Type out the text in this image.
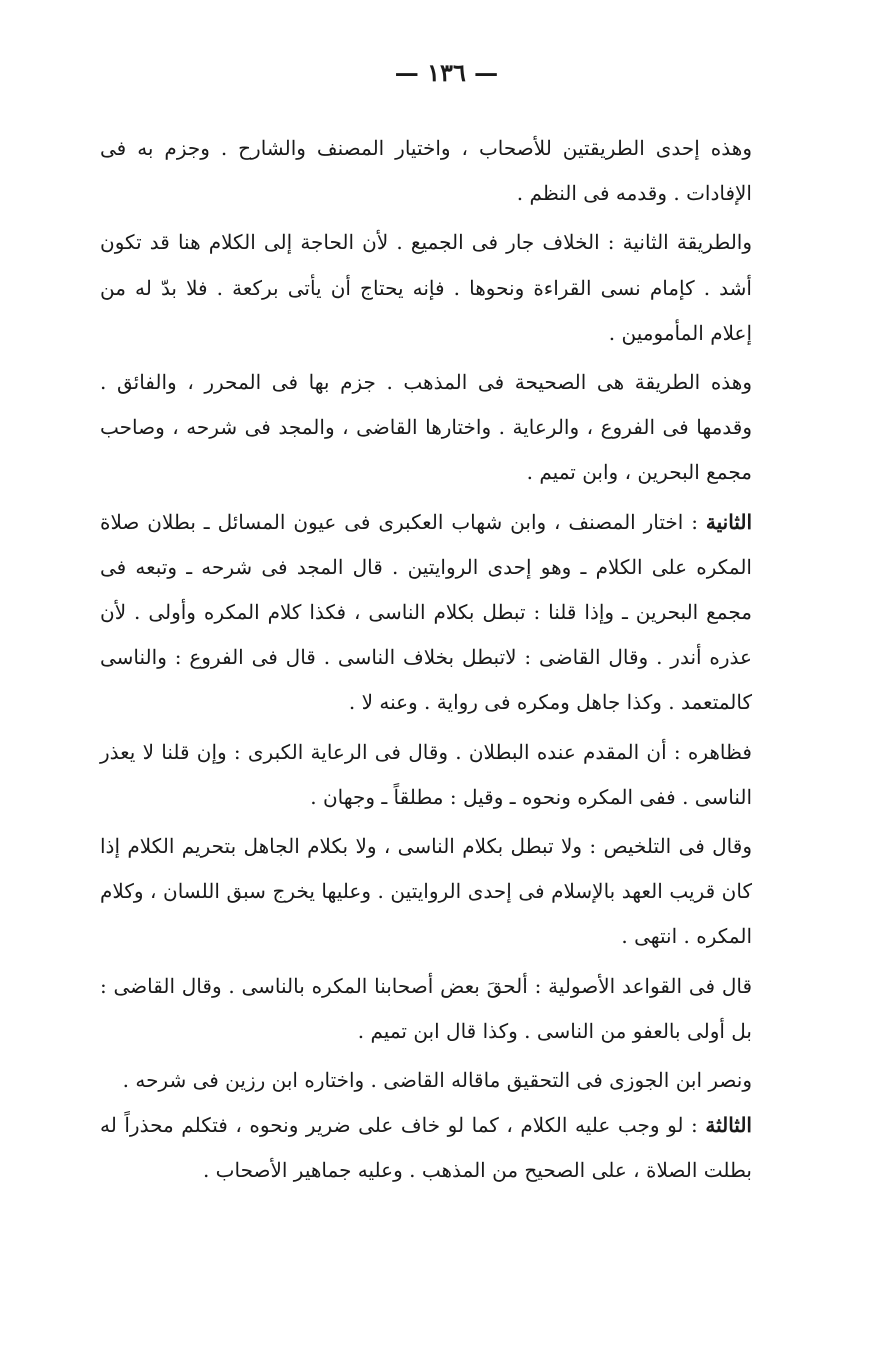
— ١٣٦ —

وهذه إحدى الطريقتين للأصحاب ، واختيار المصنف والشارح . وجزم به فى الإفادات . وقدمه فى النظم .

والطريقة الثانية : الخلاف جار فى الجميع . لأن الحاجة إلى الكلام هنا قد تكون أشد . كإمام نسى القراءة ونحوها . فإنه يحتاج أن يأتى بركعة . فلا بدّ له من إعلام المأمومين .

وهذه الطريقة هى الصحيحة فى المذهب . جزم بها فى المحرر ، والفائق . وقدمها فى الفروع ، والرعاية . واختارها القاضى ، والمجد فى شرحه ، وصاحب مجمع البحرين ، وابن تميم .

الثانية : اختار المصنف ، وابن شهاب العكبرى فى عيون المسائل ـ بطلان صلاة المكره على الكلام ـ وهو إحدى الروايتين . قال المجد فى شرحه ـ وتبعه فى مجمع البحرين ـ وإذا قلنا : تبطل بكلام الناسى ، فكذا كلام المكره وأولى . لأن عذره أندر . وقال القاضى : لاتبطل بخلاف الناسى . قال فى الفروع : والناسى كالمتعمد . وكذا جاهل ومكره فى رواية . وعنه لا .

فظاهره : أن المقدم عنده البطلان . وقال فى الرعاية الكبرى : وإن قلنا لا يعذر الناسى . ففى المكره ونحوه ـ وقيل : مطلقاً ـ وجهان .

وقال فى التلخيص : ولا تبطل بكلام الناسى ، ولا بكلام الجاهل بتحريم الكلام إذا كان قريب العهد بالإسلام فى إحدى الروايتين . وعليها يخرج سبق اللسان ، وكلام المكره . انتهى .

قال فى القواعد الأصولية : ألحقَ بعض أصحابنا المكره بالناسى . وقال القاضى : بل أولى بالعفو من الناسى . وكذا قال ابن تميم .

ونصر ابن الجوزى فى التحقيق ماقاله القاضى . واختاره ابن رزين فى شرحه .

الثالثة : لو وجب عليه الكلام ، كما لو خاف على ضرير ونحوه ، فتكلم محذراً له بطلت الصلاة ، على الصحيح من المذهب . وعليه جماهير الأصحاب .
